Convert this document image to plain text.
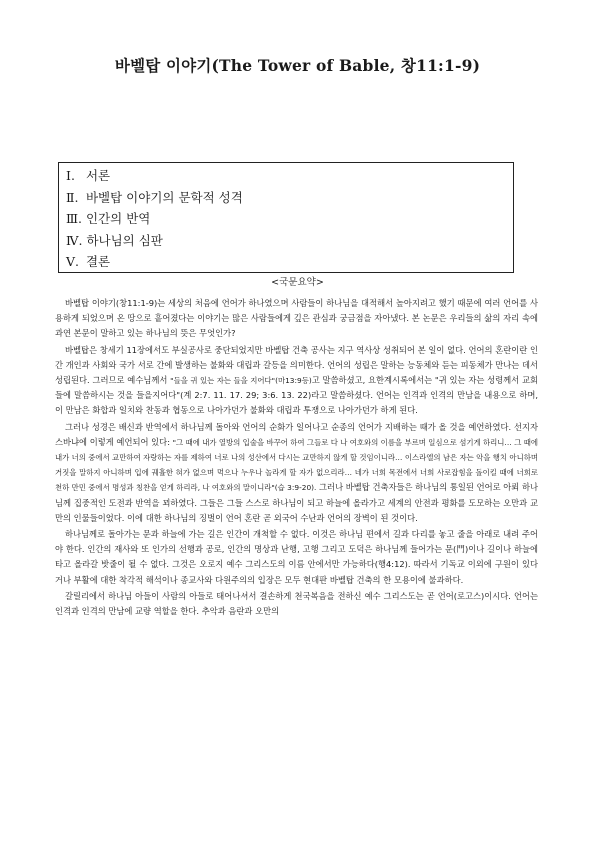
바벨탑 이야기(The Tower of Bable, 창11:1-9)
Ⅰ. 서론
Ⅱ. 바벨탑 이야기의 문학적 성격
Ⅲ. 인간의 반역
Ⅳ. 하나님의 심판
Ⅴ. 결론
<국문요약>

바벨탑 이야기(창11:1-9)는 세상의 처음에 언어가 하나였으며 사람들이 하나님을 대적해서 높아지려고 했기 때문에 여러 언어를 사용하게 되었으며 온 땅으로 흩어졌다는 이야기는 많은 사람들에게 깊은 관심과 궁금점을 자아냈다. 본 논문은 우리들의 삶의 자리 속에 과연 본문이 말하고 있는 하나님의 뜻은 무엇인가?

바벨탑은 창세기 11장에서도 부실공사로 중단되었지만 바벨탑 건축 공사는 지구 역사상 성취되어 본 일이 없다. 언어의 혼란이란 인간 개인과 사회와 국가 서로 간에 발생하는 불화와 대립과 갈등을 의미한다. 언어의 성립은 말하는 능동체와 듣는 피동체가 만나는 데서 성립된다. 그러므로 예수님께서 "들을 귀 있는 자는 들을 지어다"(마13:9등)고 말씀하셨고, 요한계시록에서는 "귀 있는 자는 성령께서 교회들에 말씀하시는 것을 들을지어다"(계 2:7. 11. 17. 29; 3:6. 13. 22)라고 말씀하셨다. 언어는 인격과 인격의 만남을 내용으로 하며, 이 만남은 화합과 일치와 찬동과 협동으로 나아가던가 불화와 대립과 투쟁으로 나아가던가 하게 된다.

그러나 성경은 배신과 반역에서 하나님께 돌아와 언어의 순화가 일어나고 순종의 언어가 지배하는 때가 올 것을 예언하였다. 선지자 스바냐에 이렇게 예언되어 있다: "그 때에 내가 열방의 입술을 바꾸어 하여 그들로 다 나 여호와의 이름을 부르며 일심으로 섬기게 하리니… 그 때에 내가 너의 중에서 교만하여 자랑하는 자를 제하여 너로 나의 성산에서 다시는 교만하지 않게 할 것임이니라… 이스라엘의 남은 자는 악을 행치 아니하며 거짓을 말하지 아니하며 입에 궤휼한 혀가 없으며 먹으나 누우나 놀라게 할 자가 없으리라… 네가 너희 목전에서 너희 사로잡힘을 돌이킬 때에 너희로 천하 만민 중에서 명성과 칭찬을 얻게 하리라, 나 여호와의 말이니라"(습 3:9-20). 그러나 바벨탑 건축자들은 하나님의 통일된 언어로 아뢰 하나님께 집중적인 도전과 반역을 꾀하였다. 그들은 그들 스스로 하나님이 되고 하늘에 올라가고 세계의 안전과 평화를 도모하는 오만과 교만의 인물들이었다. 이에 대한 하나님의 징벌이 언어 혼란 곧 외국어 수난과 언어의 장벽이 된 것이다.

하나님께로 돌아가는 문과 하늘에 가는 길은 인간이 개척할 수 없다. 이것은 하나님 편에서 길과 다리를 놓고 줄을 아래로 내려 주어야 한다. 인간의 재사와 또 인가의 선행과 공로, 인간의 명상과 난행, 고행 그리고 도덕은 하나님께 들어가는 문(門)이나 길이나 하늘에 타고 올라갈 밧줄이 될 수 없다. 그것은 오로지 예수 그리스도의 이름 안에서만 가능하다(행4:12). 따라서 기독교 이외에 구원이 있다거나 부활에 대한 착각적 해석이나 종교사와 다원주의의 입장은 모두 현대판 바벨탑 건축의 한 모용이에 불과하다.

갈릴리에서 하나님 아들이 사람의 아들로 태어나셔서 결손하게 천국복음을 전하신 예수 그리스도는 곧 언어(로고스)이시다. 언어는 인격과 인격의 만남에 교량 역할을 한다. 추악과 음란과 오만의
